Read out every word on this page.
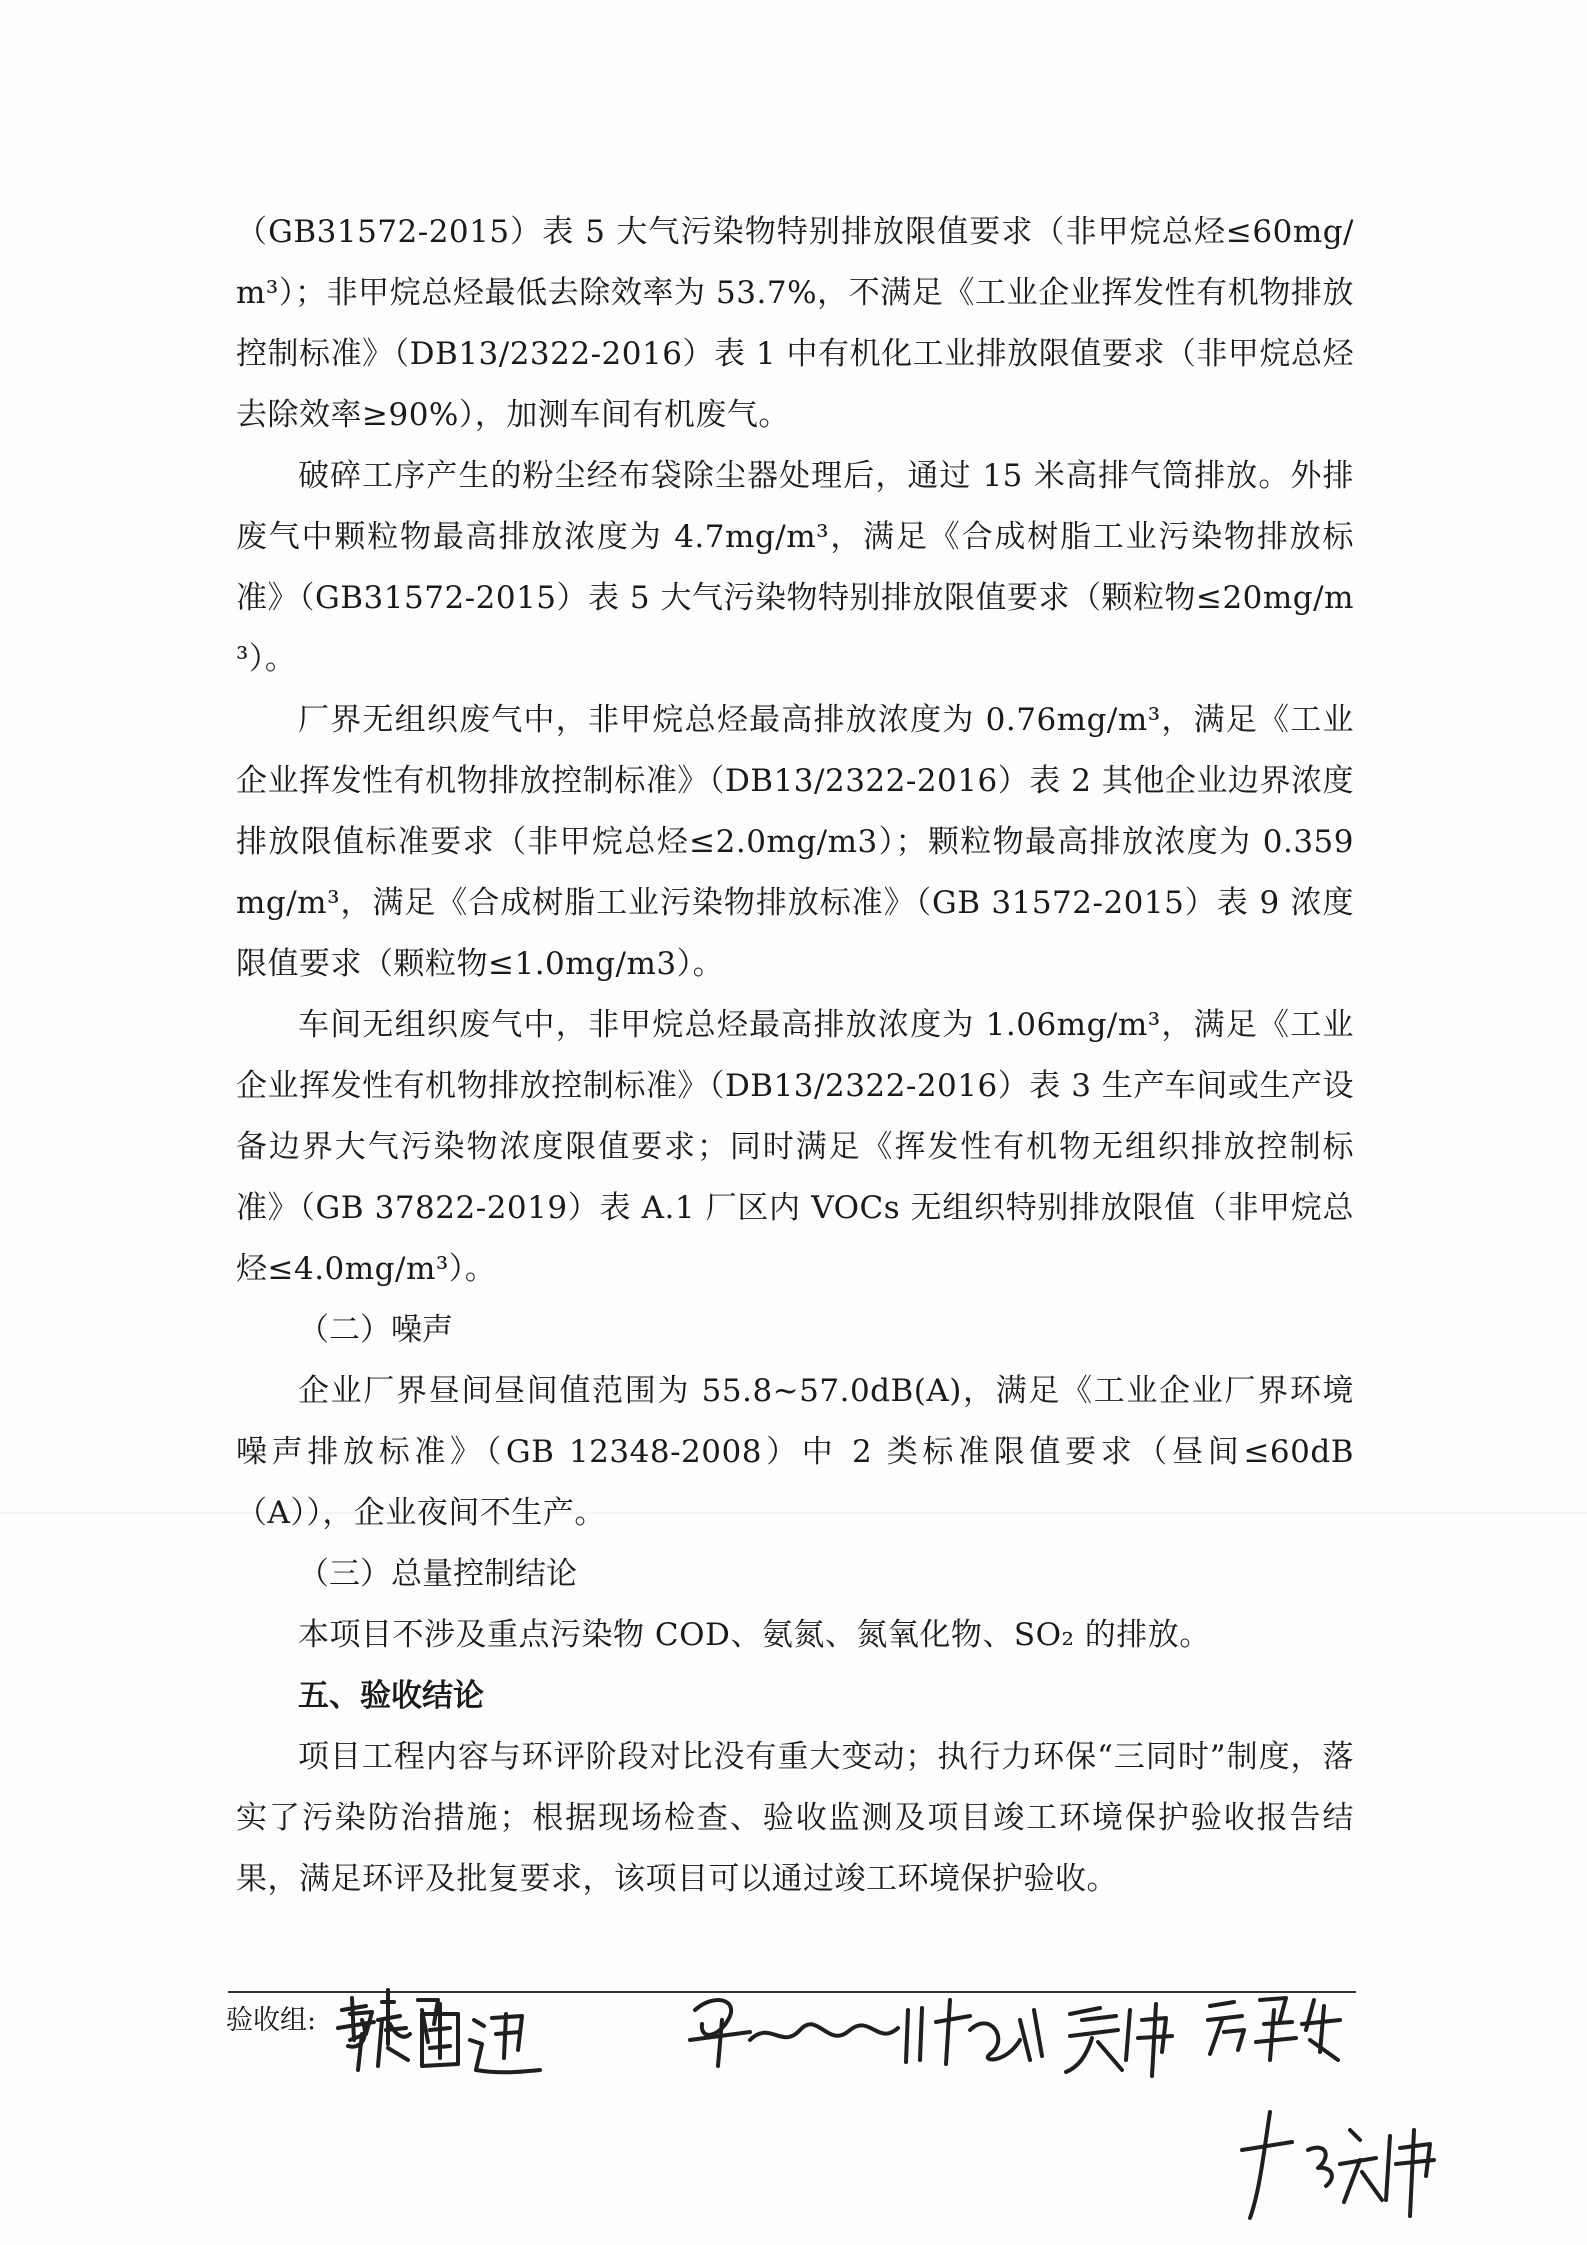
（GB31572-2015）表 5 大气污染物特别排放限值要求（非甲烷总烃≤60mg/m³）；非甲烷总烃最低去除效率为 53.7%，不满足《工业企业挥发性有机物排放控制标准》（DB13/2322-2016）表 1 中有机化工业排放限值要求（非甲烷总烃去除效率≥90%），加测车间有机废气。

破碎工序产生的粉尘经布袋除尘器处理后，通过 15 米高排气筒排放。外排废气中颗粒物最高排放浓度为 4.7mg/m³，满足《合成树脂工业污染物排放标准》（GB31572-2015）表 5 大气污染物特别排放限值要求（颗粒物≤20mg/m³）。

厂界无组织废气中，非甲烷总烃最高排放浓度为 0.76mg/m³，满足《工业企业挥发性有机物排放控制标准》（DB13/2322-2016）表 2 其他企业边界浓度排放限值标准要求（非甲烷总烃≤2.0mg/m3）；颗粒物最高排放浓度为 0.359mg/m³，满足《合成树脂工业污染物排放标准》（GB 31572-2015）表 9 浓度限值要求（颗粒物≤1.0mg/m3）。

车间无组织废气中，非甲烷总烃最高排放浓度为 1.06mg/m³，满足《工业企业挥发性有机物排放控制标准》（DB13/2322-2016）表 3 生产车间或生产设备边界大气污染物浓度限值要求；同时满足《挥发性有机物无组织排放控制标准》（GB 37822-2019）表 A.1 厂区内 VOCs 无组织特别排放限值（非甲烷总烃≤4.0mg/m³）。

（二）噪声

企业厂界昼间昼间值范围为 55.8~57.0dB(A)，满足《工业企业厂界环境噪声排放标准》（GB 12348-2008）中 2 类标准限值要求（昼间≤60dB（A）），企业夜间不生产。

（三）总量控制结论

本项目不涉及重点污染物 COD、氨氮、氮氧化物、SO₂ 的排放。

五、验收结论

项目工程内容与环评阶段对比没有重大变动；执行力环保“三同时”制度，落实了污染防治措施；根据现场检查、验收监测及项目竣工环境保护验收报告结果，满足环评及批复要求，该项目可以通过竣工环境保护验收。

验收组:
